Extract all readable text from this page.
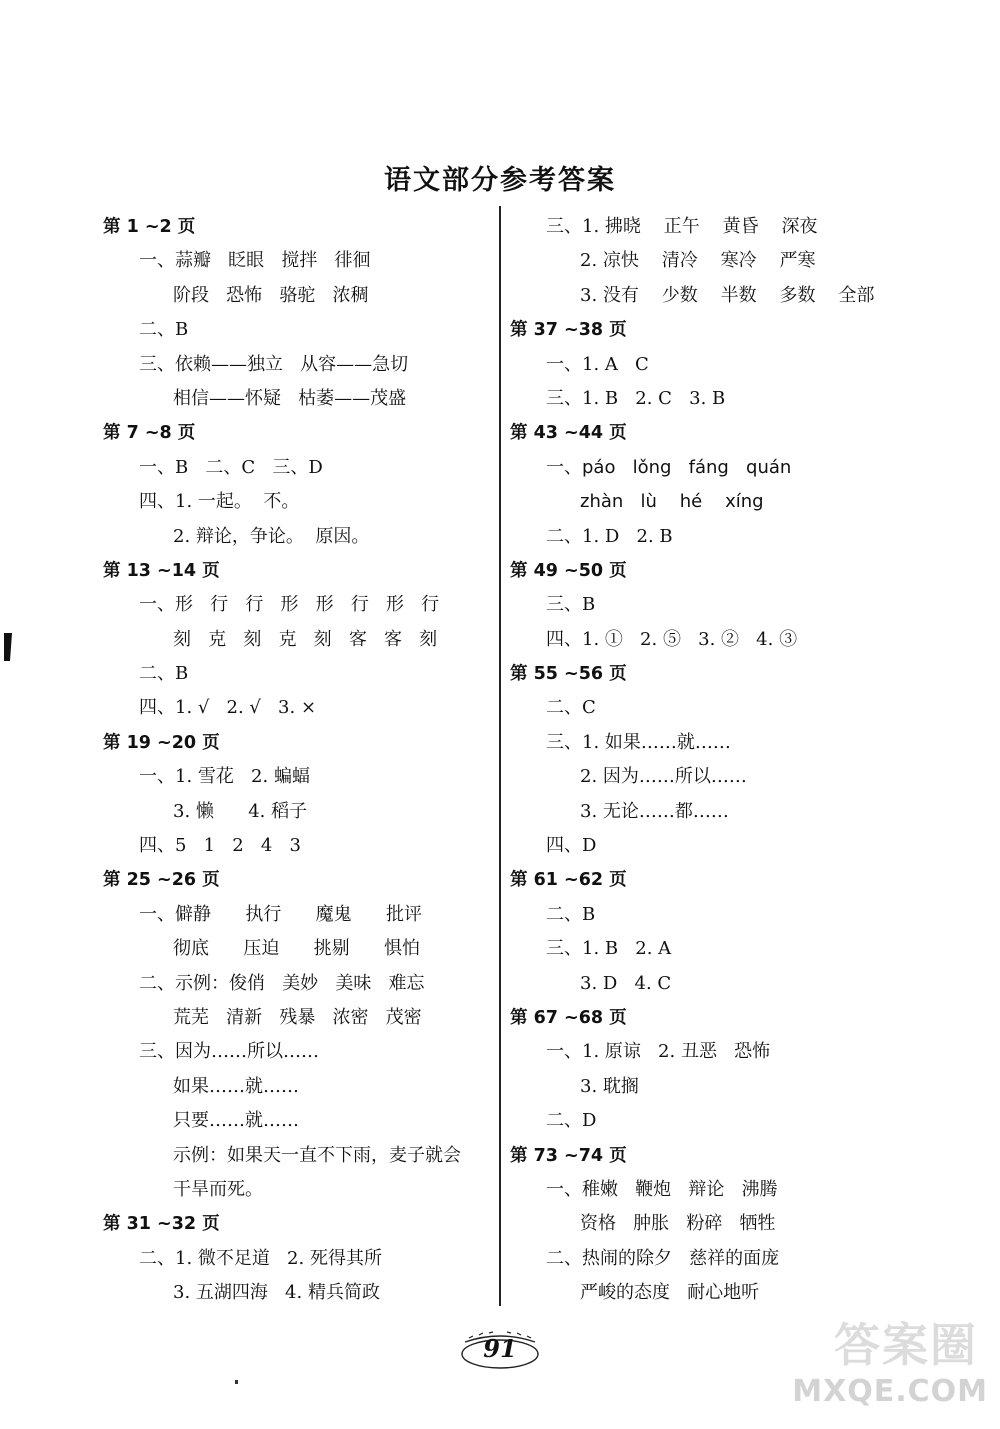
语文部分参考答案
第 1 ~2 页
一、蒜瓣   眨眼   搅拌   徘徊
阶段   恐怖   骆驼   浓稠
二、B
三、依赖——独立   从容——急切
相信——怀疑   枯萎——茂盛
第 7 ~8 页
一、B   二、C   三、D
四、1. 一起。  不。
2. 辩论，争论。  原因。
第 13 ~14 页
一、形   行   行   形   形   行   形   行
刻   克   刻   克   刻   客   客   刻
二、B
四、1. √   2. √   3. ×
第 19 ~20 页
一、1. 雪花   2. 蝙蝠
3. 懒      4. 稻子
四、5   1   2   4   3
第 25 ~26 页
一、僻静      执行      魔鬼      批评
彻底      压迫      挑剔      惧怕
二、示例：俊俏   美妙   美味   难忘
荒芜   清新   残暴   浓密   茂密
三、因为……所以……
如果……就……
只要……就……
示例：如果天一直不下雨，麦子就会
干旱而死。
第 31 ~32 页
二、1. 微不足道   2. 死得其所
3. 五湖四海   4. 精兵简政
三、1. 拂晓    正午    黄昏    深夜
2. 凉快    清冷    寒冷    严寒
3. 没有    少数    半数    多数    全部
第 37 ~38 页
一、1. A   C
三、1. B   2. C   3. B
第 43 ~44 页
一、páo   lǒng   fáng   quán
zhàn   lù    hé    xíng
二、1. D   2. B
第 49 ~50 页
三、B
四、1. ①   2. ⑤   3. ②   4. ③
第 55 ~56 页
二、C
三、1. 如果……就……
2. 因为……所以……
3. 无论……都……
四、D
第 61 ~62 页
二、B
三、1. B   2. A
3. D   4. C
第 67 ~68 页
一、1. 原谅   2. 丑恶   恐怖
3. 耽搁
二、D
第 73 ~74 页
一、稚嫩   鞭炮   辩论   沸腾
资格   肿胀   粉碎   牺牲
二、热闹的除夕   慈祥的面庞
严峻的态度   耐心地听
91	答案圈
MXQE.COM
